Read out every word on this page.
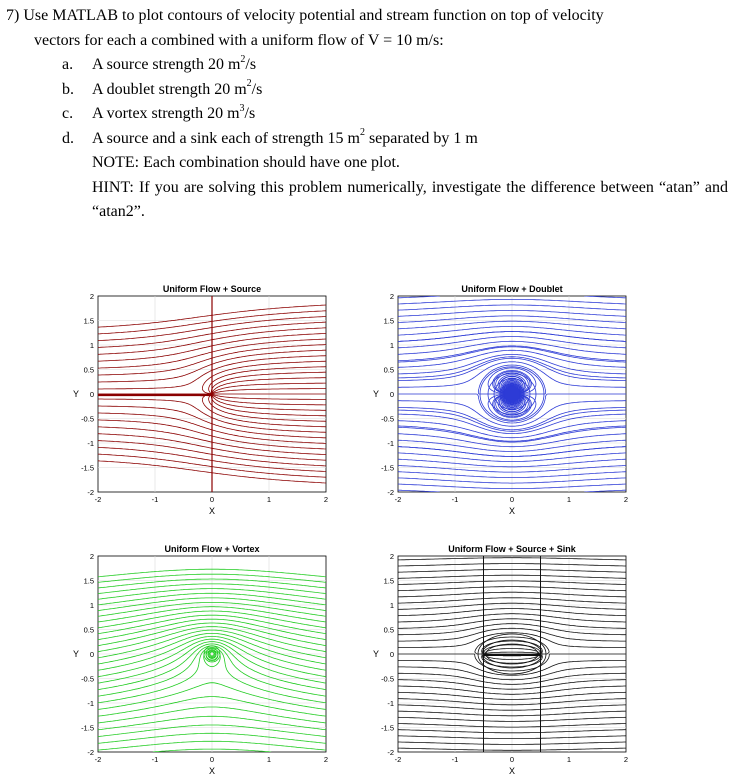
7) Use MATLAB to plot contours of velocity potential and stream function on top of velocity
vectors for each a combined with a uniform flow of V = 10 m/s:
a.	A source strength 20 $m^2/s$
b.	A doublet strength 20 $m^2/s$
c.	A vortex strength 20 $m^3/s$
d.	A source and a sink each of strength 15 $m^2$ separated by 1 m
NOTE: Each combination should have one plot.
HINT: If you are solving this problem numerically, investigate the difference between “atan” and “atan2”.
-2	-1	0	1	2
2
1.5
1
0.5
0
-0.5
-1
-1.5
-2
Uniform Flow + Source
X
Y
-2	-1	0	1	2
2
1.5
1
0.5
0
-0.5
-1
-1.5
-2
Uniform Flow + Doublet
X
Y
-2	-1	0	1	2
2
1.5
1
0.5
0
-0.5
-1
-1.5
-2
Uniform Flow + Vortex
X
Y
-2	-1	0	1	2
2
1.5
1
0.5
0
-0.5
-1
-1.5
-2
Uniform Flow + Source + Sink
X
Y
